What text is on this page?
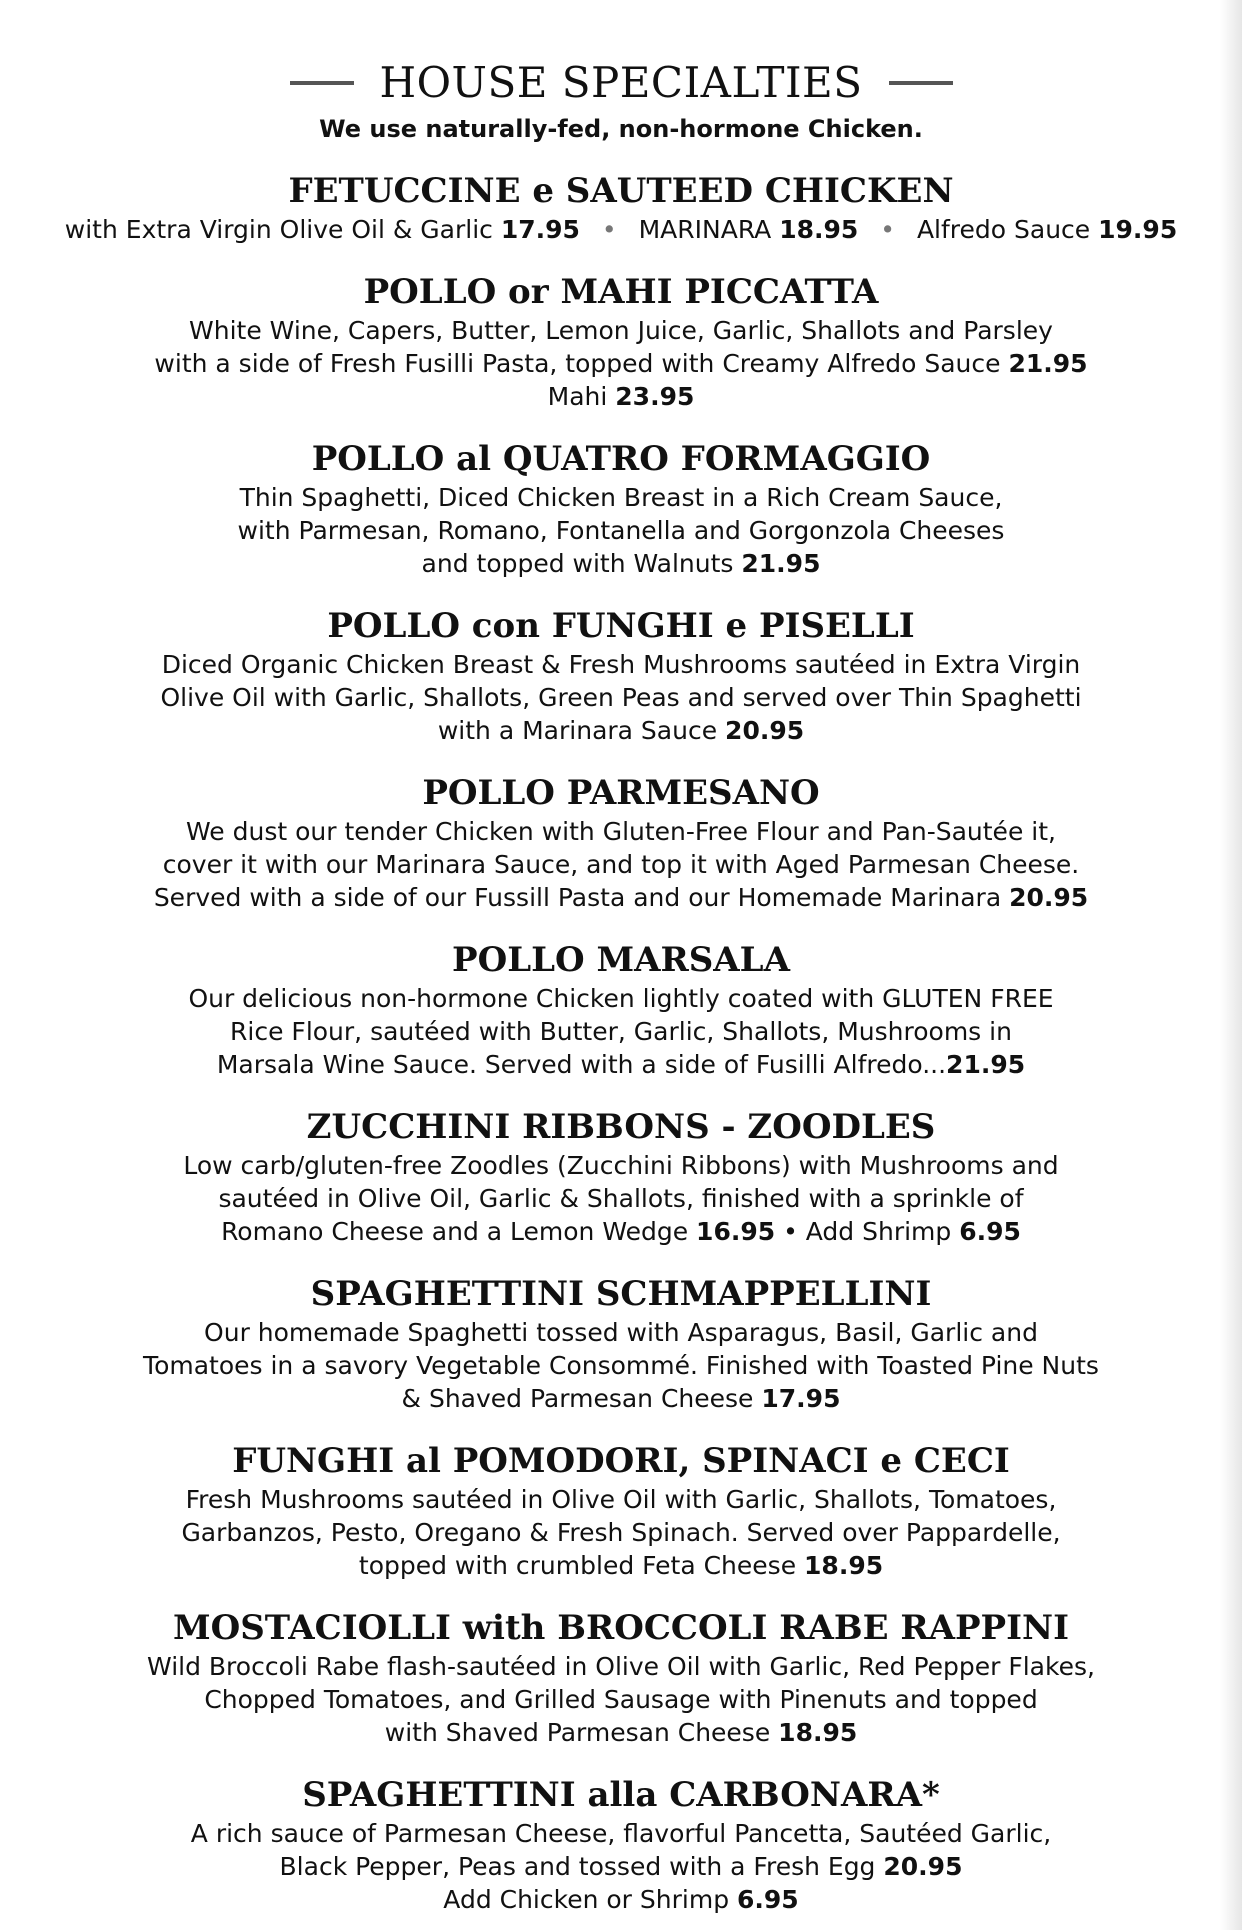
HOUSE SPECIALTIES
We use naturally-fed, non-hormone Chicken.
FETUCCINE e SAUTEED CHICKEN
with Extra Virgin Olive Oil & Garlic 17.95 • MARINARA 18.95 • Alfredo Sauce 19.95
POLLO or MAHI PICCATTA
White Wine, Capers, Butter, Lemon Juice, Garlic, Shallots and Parsley
with a side of Fresh Fusilli Pasta, topped with Creamy Alfredo Sauce 21.95
Mahi 23.95
POLLO al QUATRO FORMAGGIO
Thin Spaghetti, Diced Chicken Breast in a Rich Cream Sauce,
with Parmesan, Romano, Fontanella and Gorgonzola Cheeses
and topped with Walnuts 21.95
POLLO con FUNGHI e PISELLI
Diced Organic Chicken Breast & Fresh Mushrooms sautéed in Extra Virgin
Olive Oil with Garlic, Shallots, Green Peas and served over Thin Spaghetti
with a Marinara Sauce 20.95
POLLO PARMESANO
We dust our tender Chicken with Gluten-Free Flour and Pan-Sautée it,
cover it with our Marinara Sauce, and top it with Aged Parmesan Cheese.
Served with a side of our Fussill Pasta and our Homemade Marinara 20.95
POLLO MARSALA
Our delicious non-hormone Chicken lightly coated with GLUTEN FREE
Rice Flour, sautéed with Butter, Garlic, Shallots, Mushrooms in
Marsala Wine Sauce. Served with a side of Fusilli Alfredo...21.95
ZUCCHINI RIBBONS - ZOODLES
Low carb/gluten-free Zoodles (Zucchini Ribbons) with Mushrooms and
sautéed in Olive Oil, Garlic & Shallots, finished with a sprinkle of
Romano Cheese and a Lemon Wedge 16.95 • Add Shrimp 6.95
SPAGHETTINI SCHMAPPELLINI
Our homemade Spaghetti tossed with Asparagus, Basil, Garlic and
Tomatoes in a savory Vegetable Consommé. Finished with Toasted Pine Nuts
& Shaved Parmesan Cheese 17.95
FUNGHI al POMODORI, SPINACI e CECI
Fresh Mushrooms sautéed in Olive Oil with Garlic, Shallots, Tomatoes,
Garbanzos, Pesto, Oregano & Fresh Spinach. Served over Pappardelle,
topped with crumbled Feta Cheese 18.95
MOSTACIOLLI with BROCCOLI RABE RAPPINI
Wild Broccoli Rabe flash-sautéed in Olive Oil with Garlic, Red Pepper Flakes,
Chopped Tomatoes, and Grilled Sausage with Pinenuts and topped
with Shaved Parmesan Cheese 18.95
SPAGHETTINI alla CARBONARA*
A rich sauce of Parmesan Cheese, flavorful Pancetta, Sautéed Garlic,
Black Pepper, Peas and tossed with a Fresh Egg 20.95
Add Chicken or Shrimp 6.95
